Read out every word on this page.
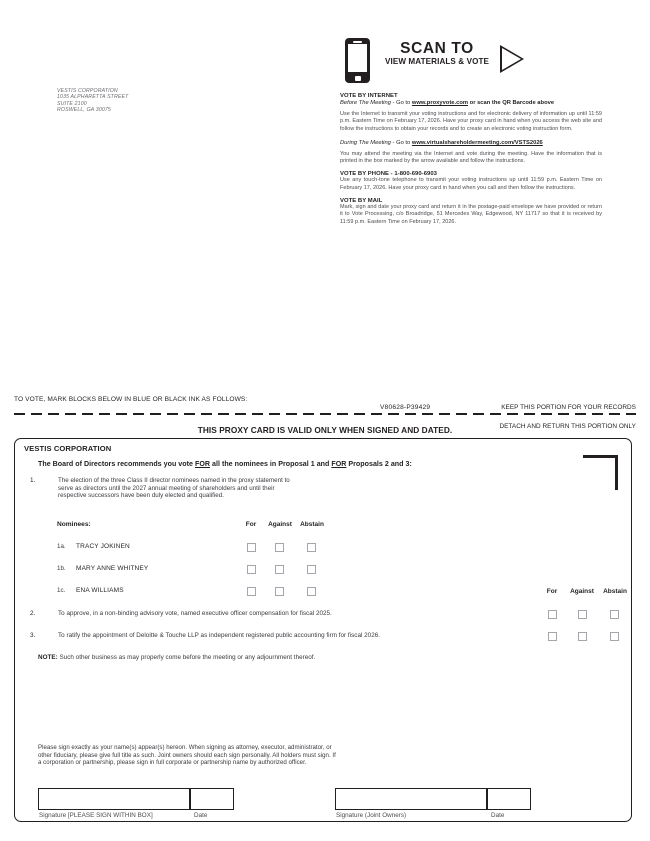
VESTIS CORPORATION
1035 ALPHARETTA STREET
SUITE 2100
ROSWELL, GA 30075
SCAN TO
VIEW MATERIALS & VOTE
VOTE BY INTERNET
Before The Meeting - Go to www.proxyvote.com or scan the QR Barcode above
Use the Internet to transmit your voting instructions and for electronic delivery of information up until 11:59 p.m. Eastern Time on February 17, 2026. Have your proxy card in hand when you access the web site and follow the instructions to obtain your records and to create an electronic voting instruction form.
During The Meeting - Go to www.virtualshareholdermeeting.com/VSTS2026
You may attend the meeting via the Internet and vote during the meeting. Have the information that is printed in the box marked by the arrow available and follow the instructions.
VOTE BY PHONE - 1-800-690-6903
Use any touch-tone telephone to transmit your voting instructions up until 11:59 p.m. Eastern Time on February 17, 2026. Have your proxy card in hand when you call and then follow the instructions.
VOTE BY MAIL
Mark, sign and date your proxy card and return it in the postage-paid envelope we have provided or return it to Vote Processing, c/o Broadridge, 51 Mercedes Way, Edgewood, NY 11717 so that it is received by 11:59 p.m. Eastern Time on February 17, 2026.
TO VOTE, MARK BLOCKS BELOW IN BLUE OR BLACK INK AS FOLLOWS:
V80628-P39429	KEEP THIS PORTION FOR YOUR RECORDS
THIS PROXY CARD IS VALID ONLY WHEN SIGNED AND DATED.	DETACH AND RETURN THIS PORTION ONLY
VESTIS CORPORATION
The Board of Directors recommends you vote FOR all the nominees in Proposal 1 and FOR Proposals 2 and 3:
1.	The election of the three Class II director nominees named in the proxy statement to serve as directors until the 2027 annual meeting of shareholders and until their respective successors have been duly elected and qualified.
Nominees:	For	Against	Abstain
1a. TRACY JOKINEN
1b. MARY ANNE WHITNEY
1c. ENA WILLIAMS	For	Against	Abstain
2.	To approve, in a non-binding advisory vote, named executive officer compensation for fiscal 2025.
3.	To ratify the appointment of Deloitte & Touche LLP as independent registered public accounting firm for fiscal 2026.
NOTE: Such other business as may properly come before the meeting or any adjournment thereof.
Please sign exactly as your name(s) appear(s) hereon. When signing as attorney, executor, administrator, or other fiduciary, please give full title as such. Joint owners should each sign personally. All holders must sign. If a corporation or partnership, please sign in full corporate or partnership name by authorized officer.
Signature [PLEASE SIGN WITHIN BOX]	Date	Signature (Joint Owners)	Date
